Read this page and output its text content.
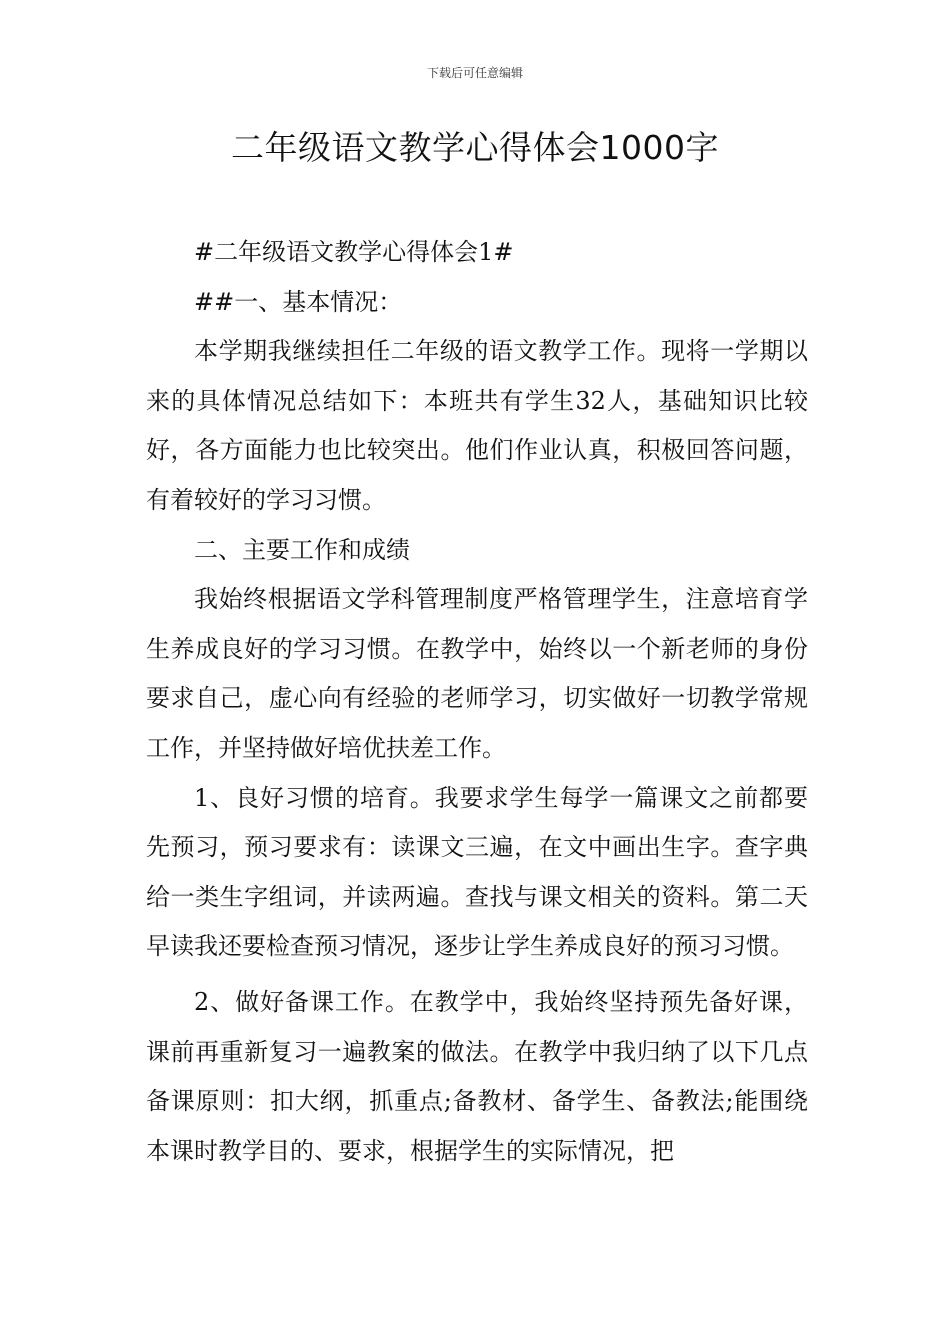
下载后可任意编辑
二年级语文教学心得体会1000字

#二年级语文教学心得体会1#

##一、基本情况：

本学期我继续担任二年级的语文教学工作。现将一学期以来的具体情况总结如下：本班共有学生32人，基础知识比较好，各方面能力也比较突出。他们作业认真，积极回答问题，有着较好的学习习惯。

二、主要工作和成绩

我始终根据语文学科管理制度严格管理学生，注意培育学生养成良好的学习习惯。在教学中，始终以一个新老师的身份要求自己，虚心向有经验的老师学习，切实做好一切教学常规工作，并坚持做好培优扶差工作。

1、良好习惯的培育。我要求学生每学一篇课文之前都要先预习，预习要求有：读课文三遍，在文中画出生字。查字典给一类生字组词，并读两遍。查找与课文相关的资料。第二天早读我还要检查预习情况，逐步让学生养成良好的预习习惯。

2、做好备课工作。在教学中，我始终坚持预先备好课，课前再重新复习一遍教案的做法。在教学中我归纳了以下几点备课原则：扣大纲，抓重点;备教材、备学生、备教法;能围绕本课时教学目的、要求，根据学生的实际情况，把
